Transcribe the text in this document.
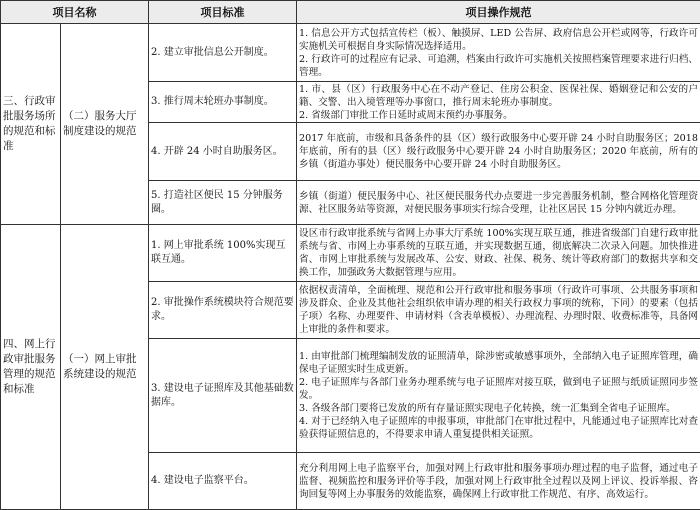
项目名称		项目标准	项目操作规范
三、行政审批服务场所的规范和标准	（二）服务大厅制度建设的规范	2. 建立审批信息公开制度。	1. 信息公开方式包括宣传栏（板）、触摸屏、LED 公告屏、政府信息公开栏或网等，行政许可实施机关可根据自身实际情况选择适用。
2. 行政许可的过程应有记录、可追溯，档案由行政许可实施机关按照档案管理要求进行归档、管理。

		3. 推行周末轮班办事制度。	1. 市、县（区）行政服务中心在不动产登记、住房公积金、医保社保、婚姻登记和公安的户籍、交警、出入境管理等办事窗口，推行周末轮班办事制度。
2. 省级部门审批工作日延时或周末预约办事服务。

		4. 开辟 24 小时自助服务区。	2017 年底前，市级和具备条件的县（区）级行政服务中心要开辟 24 小时自助服务区；2018 年底前，所有的县（区）级行政服务中心要开辟 24 小时自助服务区；2020 年底前，所有的乡镇（街道办事处）便民服务中心要开辟 24 小时自助服务区。

		5. 打造社区便民 15 分钟服务圈。	乡镇（街道）便民服务中心、社区便民服务代办点要进一步完善服务机制，整合网格化管理资源、社区服务站等资源，对便民服务事项实行综合受理，让社区居民 15 分钟内就近办理。

四、网上行政审批服务管理的规范和标准	（一）网上审批系统建设的规范	1. 网上审批系统 100%实现互联互通。	设区市行政审批系统与省网上办事大厅系统 100%实现互联互通，推进省级部门自建行政审批系统与省、市网上办事系统的互联互通，并实现数据互通，彻底解决二次录入问题。加快推进省、市网上审批系统与发展改革、公安、财政、社保、税务、统计等政府部门的数据共享和交换工作，加强政务大数据管理与应用。

		2. 审批操作系统模块符合规范要求。	依据权责清单，全面梳理、规范和公开行政审批和服务事项（行政许可事项、公共服务事项和涉及群众、企业及其他社会组织依申请办理的相关行政权力事项的统称，下同）的要素（包括子项）名称、办理要件、申请材料（含表单模板）、办理流程、办理时限、收费标准等，具备网上审批的条件和要求。

		3. 建设电子证照库及其他基础数据库。	1. 由审批部门梳理编制发放的证照清单，除涉密或敏感事项外，全部纳入电子证照库管理，确保电子证照实时生成更新。
2. 电子证照库与各部门业务办理系统与电子证照库对接互联，做到电子证照与纸质证照同步签发。
3. 各级各部门要将已发放的所有存量证照实现电子化转换，统一汇集到全省电子证照库。
4. 对于已经纳入电子证照库的申报事项，审批部门在审批过程中，凡能通过电子证照库比对查验获得证照信息的，不得要求申请人重复提供相关证照。

		4. 建设电子监察平台。	充分利用网上电子监察平台，加强对网上行政审批和服务事项办理过程的电子监督，通过电子监督、视频监控和服务评价等手段，加强对网上行政审批全过程以及网上评议、投诉举报、咨询回复等网上办事服务的效能监察，确保网上行政审批工作规范、有序、高效运行。
